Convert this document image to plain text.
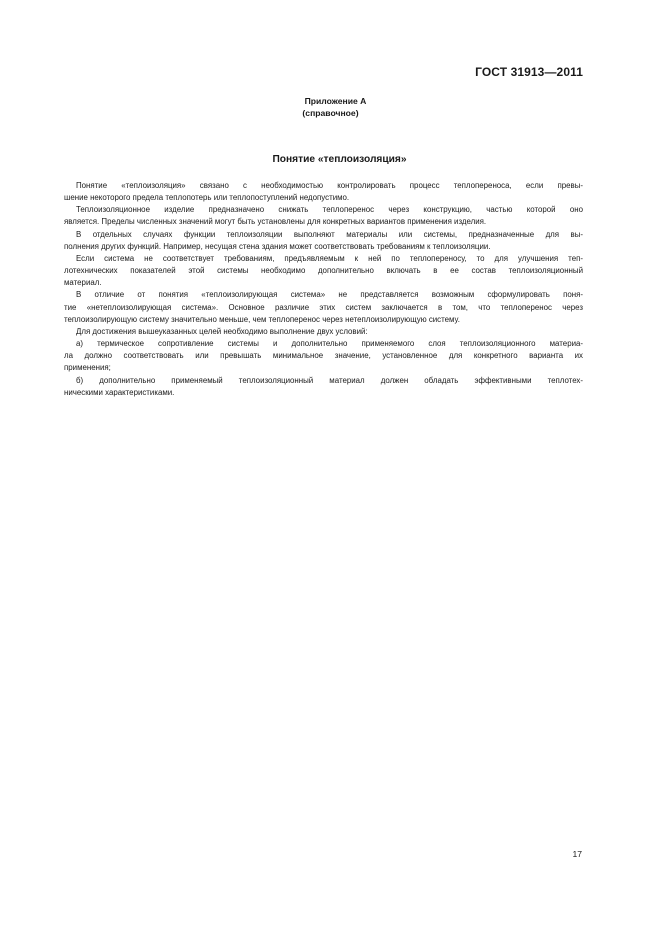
ГОСТ 31913—2011
Приложение А
(справочное)
Понятие «теплоизоляция»

Понятие «теплоизоляция» связано с необходимостью контролировать процесс теплопереноса, если превы-
шение некоторого предела теплопотерь или теплопоступлений недопустимо.

Теплоизоляционное изделие предназначено снижать теплоперенос через конструкцию, частью которой оно
является. Пределы численных значений могут быть установлены для конкретных вариантов применения изделия.

В отдельных случаях функции теплоизоляции выполняют материалы или системы, предназначенные для вы-
полнения других функций. Например, несущая стена здания может соответствовать требованиям к теплоизоляции.

Если система не соответствует требованиям, предъявляемым к ней по теплопереносу, то для улучшения теп-
лотехнических показателей этой системы необходимо дополнительно включать в ее состав теплоизоляционный
материал.

В отличие от понятия «теплоизолирующая система» не представляется возможным сформулировать поня-
тие «нетеплоизолирующая система». Основное различие этих систем заключается в том, что теплоперенос через
теплоизолирующую систему значительно меньше, чем теплоперенос через нетеплоизолирующую систему.

Для достижения вышеуказанных целей необходимо выполнение двух условий:

а) термическое сопротивление системы и дополнительно применяемого слоя теплоизоляционного материа-
ла должно соответствовать или превышать минимальное значение, установленное для конкретного варианта их
применения;

б) дополнительно применяемый теплоизоляционный материал должен обладать эффективными теплотех-
ническими характеристиками.

17
